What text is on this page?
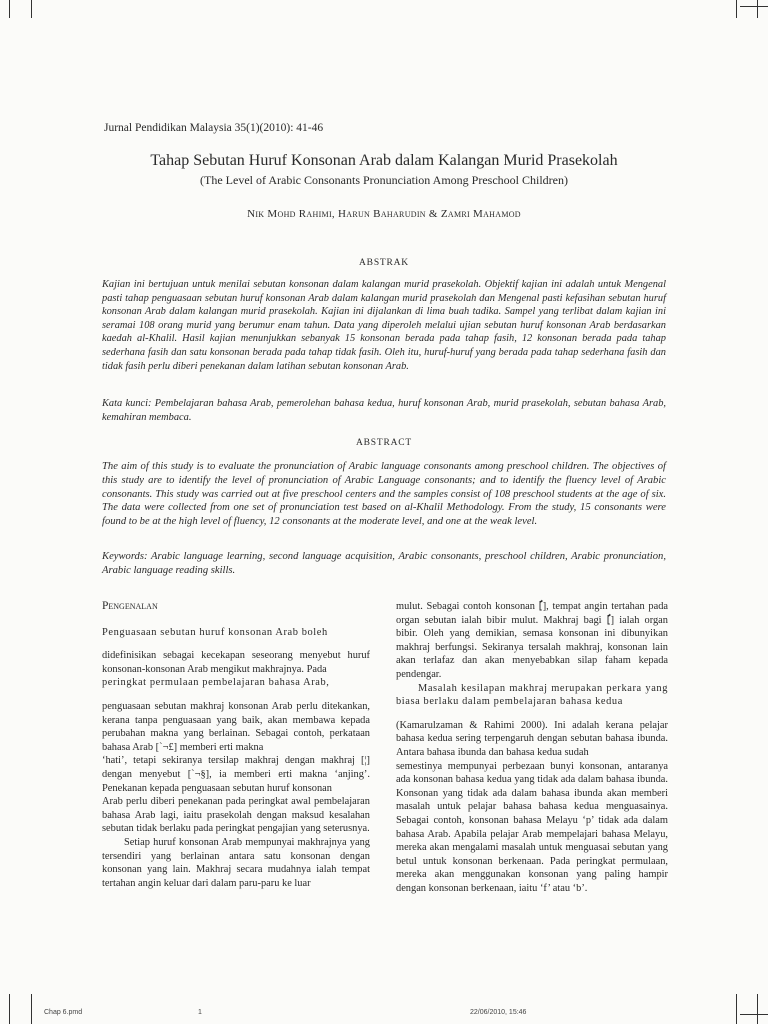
Jurnal Pendidikan Malaysia 35(1)(2010): 41-46
Tahap Sebutan Huruf Konsonan Arab dalam Kalangan Murid Prasekolah
(The Level of Arabic Consonants Pronunciation Among Preschool Children)
Nik Mohd Rahimi, Harun Baharudin & Zamri Mahamod
ABSTRAK
Kajian ini bertujuan untuk menilai sebutan konsonan dalam kalangan murid prasekolah. Objektif kajian ini adalah untuk Mengenal pasti tahap penguasaan sebutan huruf konsonan Arab dalam kalangan murid prasekolah dan Mengenal pasti kefasihan sebutan huruf konsonan Arab dalam kalangan murid prasekolah. Kajian ini dijalankan di lima buah tadika. Sampel yang terlibat dalam kajian ini seramai 108 orang murid yang berumur enam tahun. Data yang diperoleh melalui ujian sebutan huruf konsonan Arab berdasarkan kaedah al-Khalil. Hasil kajian menunjukkan sebanyak 15 konsonan berada pada tahap fasih, 12 konsonan berada pada tahap sederhana fasih dan satu konsonan berada pada tahap tidak fasih. Oleh itu, huruf-huruf yang berada pada tahap sederhana fasih dan tidak fasih perlu diberi penekanan dalam latihan sebutan konsonan Arab.
Kata kunci: Pembelajaran bahasa Arab, pemerolehan bahasa kedua, huruf konsonan Arab, murid prasekolah, sebutan bahasa Arab, kemahiran membaca.
ABSTRACT
The aim of this study is to evaluate the pronunciation of Arabic language consonants among preschool children. The objectives of this study are to identify the level of pronunciation of Arabic Language consonants; and to identify the fluency level of Arabic consonants. This study was carried out at five preschool centers and the samples consist of 108 preschool students at the age of six. The data were collected from one set of pronunciation test based on al-Khalil Methodology. From the study, 15 consonants were found to be at the high level of fluency, 12 consonants at the moderate level, and one at the weak level.
Keywords: Arabic language learning, second language acquisition, Arabic consonants, preschool children, Arabic pronunciation, Arabic language reading skills.

Pengenalan

Penguasaan sebutan huruf konsonan Arab boleh

didefinisikan sebagai kecekapan seseorang menyebut huruf konsonan-konsonan Arab mengikut makhrajnya. Pada

peringkat permulaan pembelajaran bahasa Arab,

penguasaan sebutan makhraj konsonan Arab perlu ditekankan, kerana tanpa penguasaan yang baik, akan membawa kepada perubahan makna yang berlainan. Sebagai contoh, perkataan bahasa Arab [`¬£] memberi erti makna

‘hati’, tetapi sekiranya tersilap makhraj dengan makhraj [¦] dengan menyebut [`¬§], ia memberi erti makna ‘anjing’. Penekanan kepada penguasaan sebutan huruf konsonan

Arab perlu diberi penekanan pada peringkat awal pembelajaran bahasa Arab lagi, iaitu prasekolah dengan maksud kesalahan sebutan tidak berlaku pada peringkat pengajian yang seterusnya.

Setiap huruf konsonan Arab mempunyai makhrajnya yang tersendiri yang berlainan antara satu konsonan dengan konsonan yang lain. Makhraj secara mudahnya ialah tempat tertahan angin keluar dari dalam paru-paru ke luar

mulut. Sebagai contoh konsonan [ُ], tempat angin tertahan pada organ sebutan ialah bibir mulut. Makhraj bagi [ُ] ialah organ bibir. Oleh yang demikian, semasa konsonan ini dibunyikan makhraj berfungsi. Sekiranya tersalah makhraj, konsonan lain akan terlafaz dan akan menyebabkan silap faham kepada pendengar.

Masalah kesilapan makhraj merupakan perkara yang biasa berlaku dalam pembelajaran bahasa kedua

(Kamarulzaman & Rahimi 2000). Ini adalah kerana pelajar bahasa kedua sering terpengaruh dengan sebutan bahasa ibunda. Antara bahasa ibunda dan bahasa kedua sudah

semestinya mempunyai perbezaan bunyi konsonan, antaranya ada konsonan bahasa kedua yang tidak ada dalam bahasa ibunda. Konsonan yang tidak ada dalam bahasa ibunda akan memberi masalah untuk pelajar bahasa bahasa kedua menguasainya. Sebagai contoh, konsonan bahasa Melayu ‘p’ tidak ada dalam bahasa Arab. Apabila pelajar Arab mempelajari bahasa Melayu, mereka akan mengalami masalah untuk menguasai sebutan yang betul untuk konsonan berkenaan. Pada peringkat permulaan, mereka akan menggunakan konsonan yang paling hampir dengan konsonan berkenaan, iaitu ‘f’ atau ‘b’.

Chap 6.pmd	1	22/06/2010, 15:46
